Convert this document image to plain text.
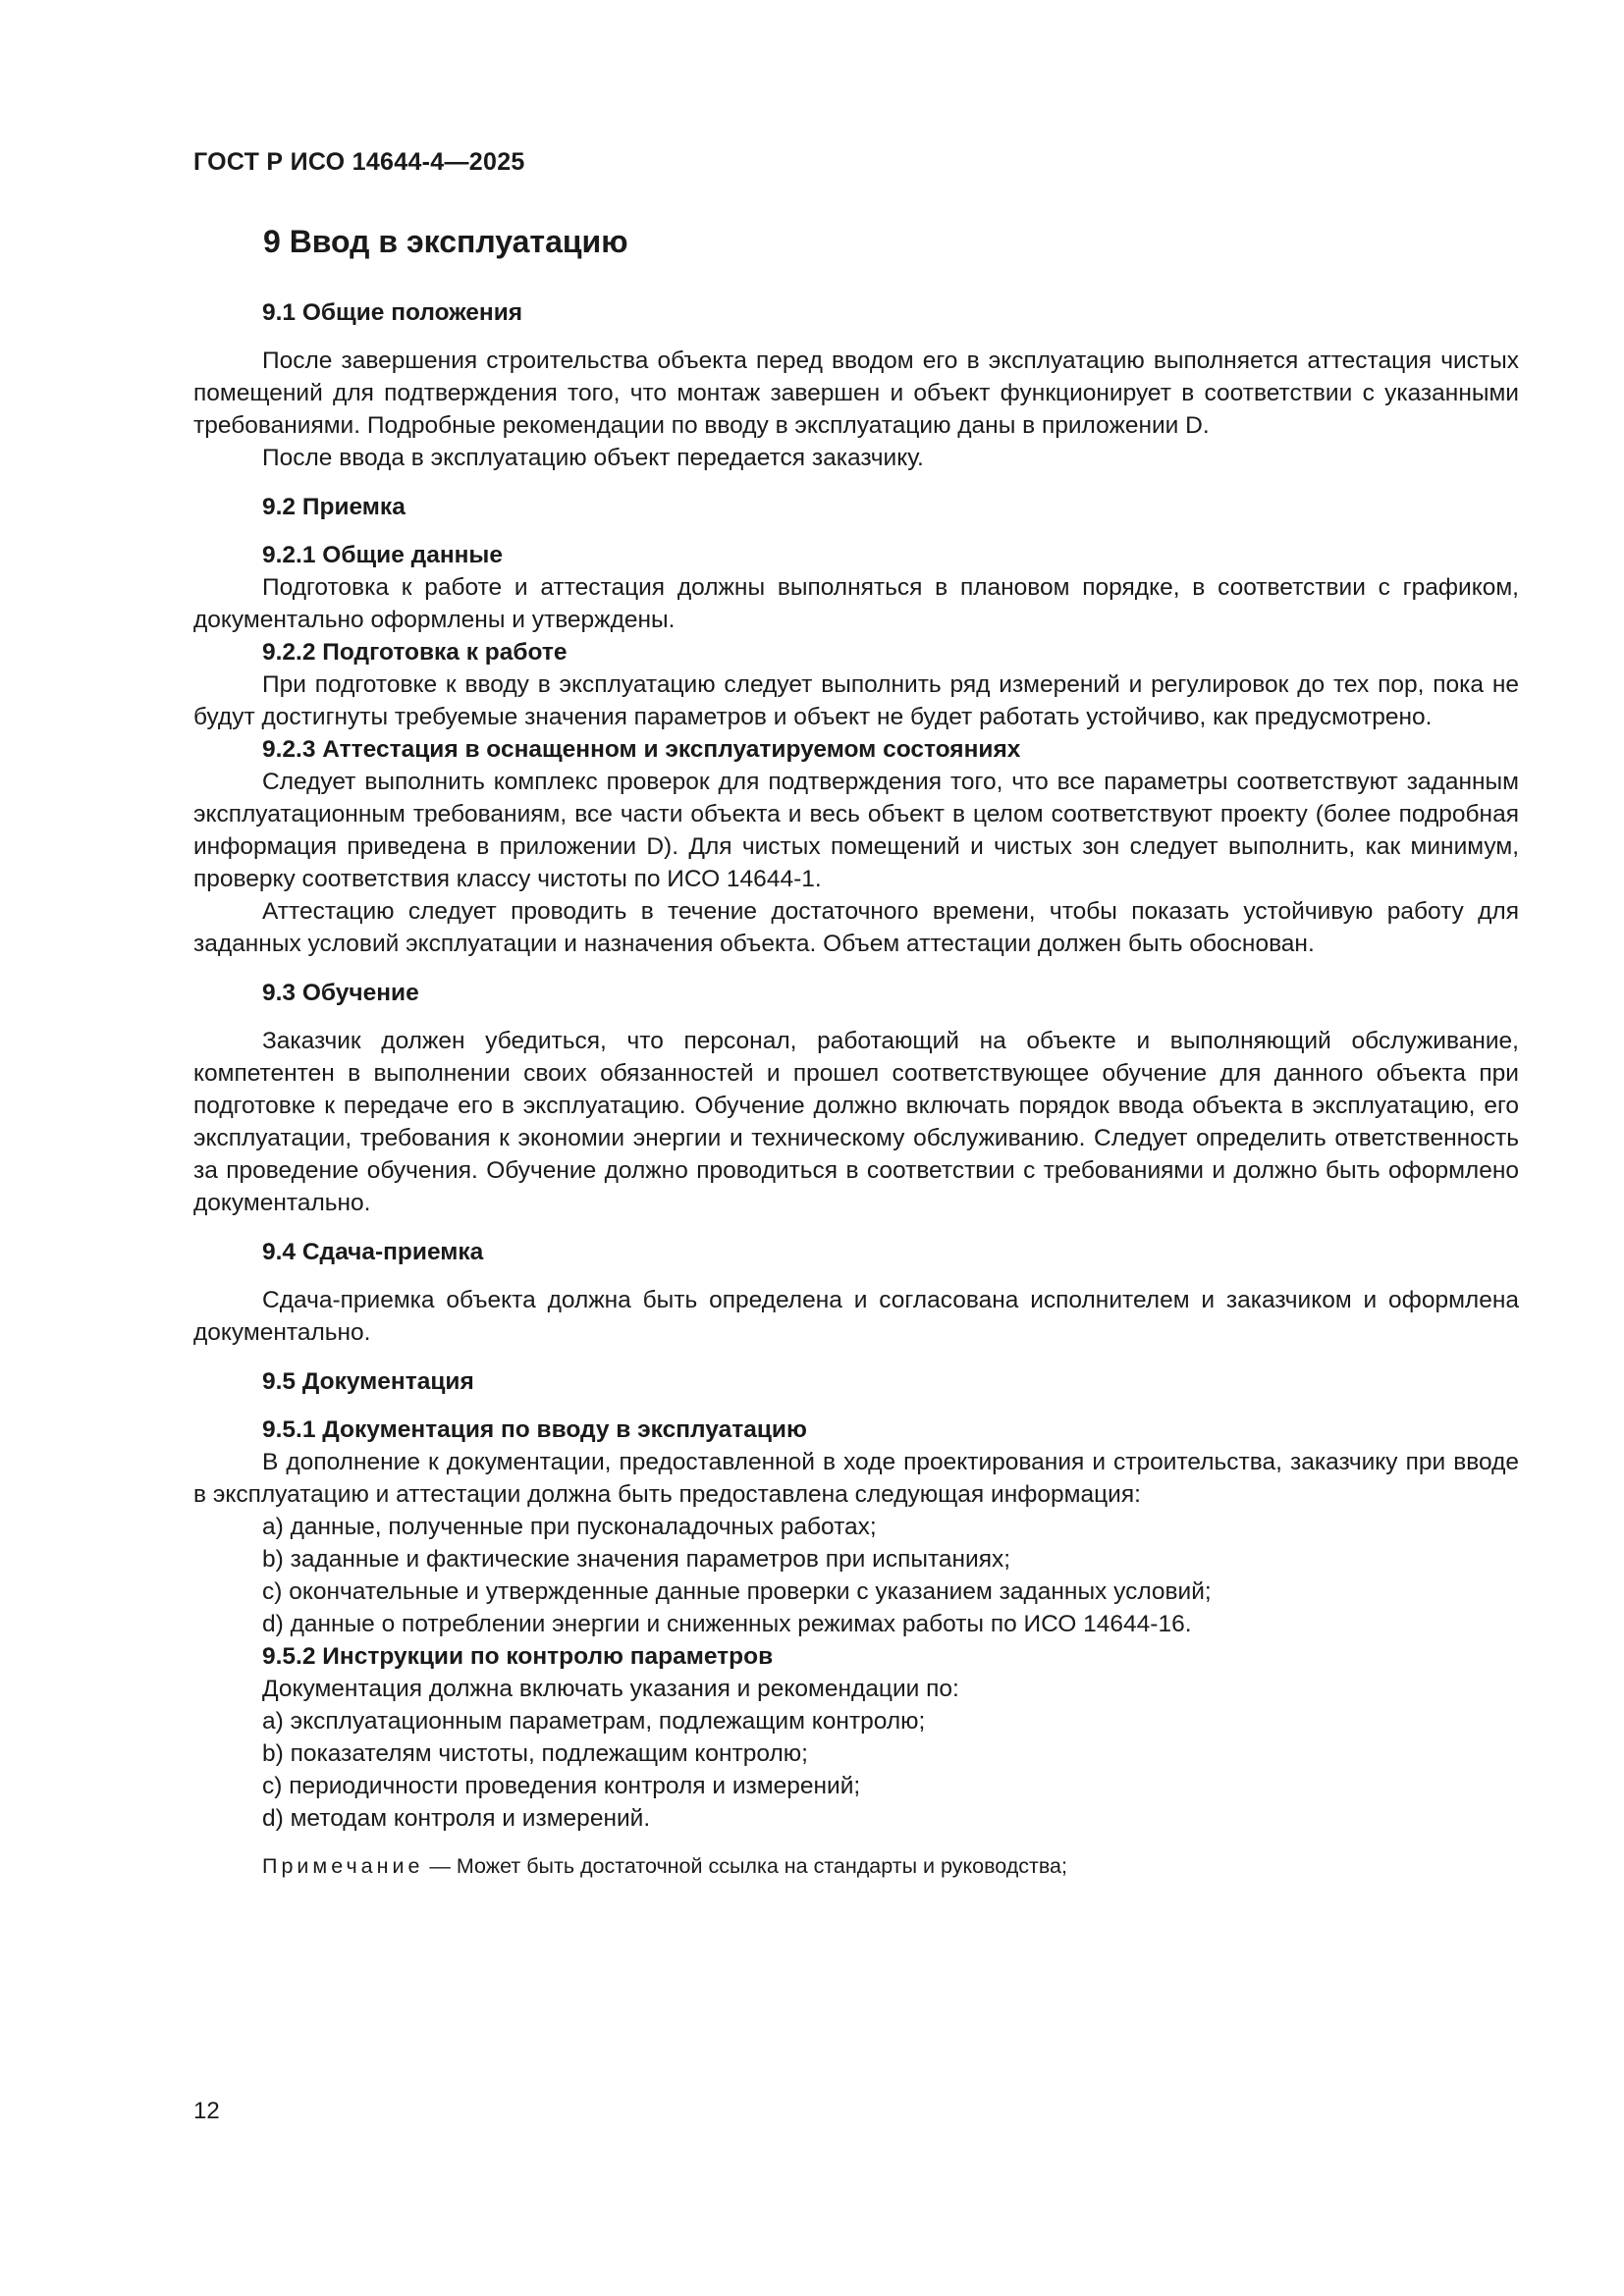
ГОСТ Р ИСО 14644-4—2025
9 Ввод в эксплуатацию
9.1 Общие положения

После завершения строительства объекта перед вводом его в эксплуатацию выполняется аттестация чистых помещений для подтверждения того, что монтаж завершен и объект функционирует в соответствии с указанными требованиями. Подробные рекомендации по вводу в эксплуатацию даны в приложении D.

После ввода в эксплуатацию объект передается заказчику.

9.2 Приемка
9.2.1 Общие данные

Подготовка к работе и аттестация должны выполняться в плановом порядке, в соответствии с графиком, документально оформлены и утверждены.

9.2.2 Подготовка к работе

При подготовке к вводу в эксплуатацию следует выполнить ряд измерений и регулировок до тех пор, пока не будут достигнуты требуемые значения параметров и объект не будет работать устойчиво, как предусмотрено.

9.2.3 Аттестация в оснащенном и эксплуатируемом состояниях

Следует выполнить комплекс проверок для подтверждения того, что все параметры соответствуют заданным эксплуатационным требованиям, все части объекта и весь объект в целом соответствуют проекту (более подробная информация приведена в приложении D). Для чистых помещений и чистых зон следует выполнить, как минимум, проверку соответствия классу чистоты по ИСО 14644-1.

Аттестацию следует проводить в течение достаточного времени, чтобы показать устойчивую работу для заданных условий эксплуатации и назначения объекта. Объем аттестации должен быть обоснован.

9.3 Обучение

Заказчик должен убедиться, что персонал, работающий на объекте и выполняющий обслуживание, компетентен в выполнении своих обязанностей и прошел соответствующее обучение для данного объекта при подготовке к передаче его в эксплуатацию. Обучение должно включать порядок ввода объекта в эксплуатацию, его эксплуатации, требования к экономии энергии и техническому обслуживанию. Следует определить ответственность за проведение обучения. Обучение должно проводиться в соответствии с требованиями и должно быть оформлено документально.

9.4 Сдача-приемка

Сдача-приемка объекта должна быть определена и согласована исполнителем и заказчиком и оформлена документально.

9.5 Документация
9.5.1 Документация по вводу в эксплуатацию

В дополнение к документации, предоставленной в ходе проектирования и строительства, заказчику при вводе в эксплуатацию и аттестации должна быть предоставлена следующая информация:

a) данные, полученные при пусконаладочных работах;
b) заданные и фактические значения параметров при испытаниях;
c) окончательные и утвержденные данные проверки с указанием заданных условий;
d) данные о потреблении энергии и сниженных режимах работы по ИСО 14644-16.
9.5.2 Инструкции по контролю параметров
Документация должна включать указания и рекомендации по:
a) эксплуатационным параметрам, подлежащим контролю;
b) показателям чистоты, подлежащим контролю;
c) периодичности проведения контроля и измерений;
d) методам контроля и измерений.
Примечание — Может быть достаточной ссылка на стандарты и руководства;
12
